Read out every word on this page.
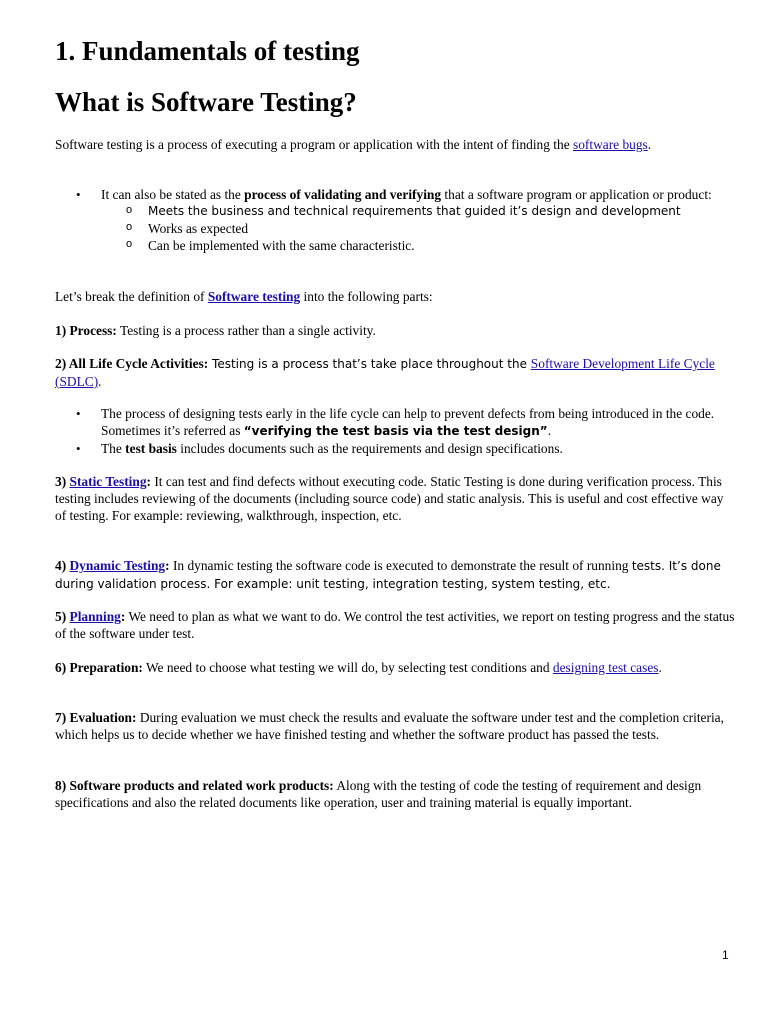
1. Fundamentals of testing
What is Software Testing?

Software testing is a process of executing a program or application with the intent of finding the software bugs.

• It can also be stated as the process of validating and verifying that a software program or application or product:
o Meets the business and technical requirements that guided it’s design and development
o Works as expected
o Can be implemented with the same characteristic.

Let’s break the definition of Software testing into the following parts:

1) Process: Testing is a process rather than a single activity.

2) All Life Cycle Activities: Testing is a process that’s take place throughout the Software Development Life Cycle (SDLC).

• The process of designing tests early in the life cycle can help to prevent defects from being introduced in the code. Sometimes it’s referred as “verifying the test basis via the test design”.
• The test basis includes documents such as the requirements and design specifications.

3) Static Testing: It can test and find defects without executing code. Static Testing is done during verification process. This testing includes reviewing of the documents (including source code) and static analysis. This is useful and cost effective way of testing. For example: reviewing, walkthrough, inspection, etc.

4) Dynamic Testing: In dynamic testing the software code is executed to demonstrate the result of running tests. It’s done during validation process. For example: unit testing, integration testing, system testing, etc.

5) Planning: We need to plan as what we want to do. We control the test activities, we report on testing progress and the status of the software under test.

6) Preparation: We need to choose what testing we will do, by selecting test conditions and designing test cases.

7) Evaluation: During evaluation we must check the results and evaluate the software under test and the completion criteria, which helps us to decide whether we have finished testing and whether the software product has passed the tests.

8) Software products and related work products: Along with the testing of code the testing of requirement and design specifications and also the related documents like operation, user and training material is equally important.

1
